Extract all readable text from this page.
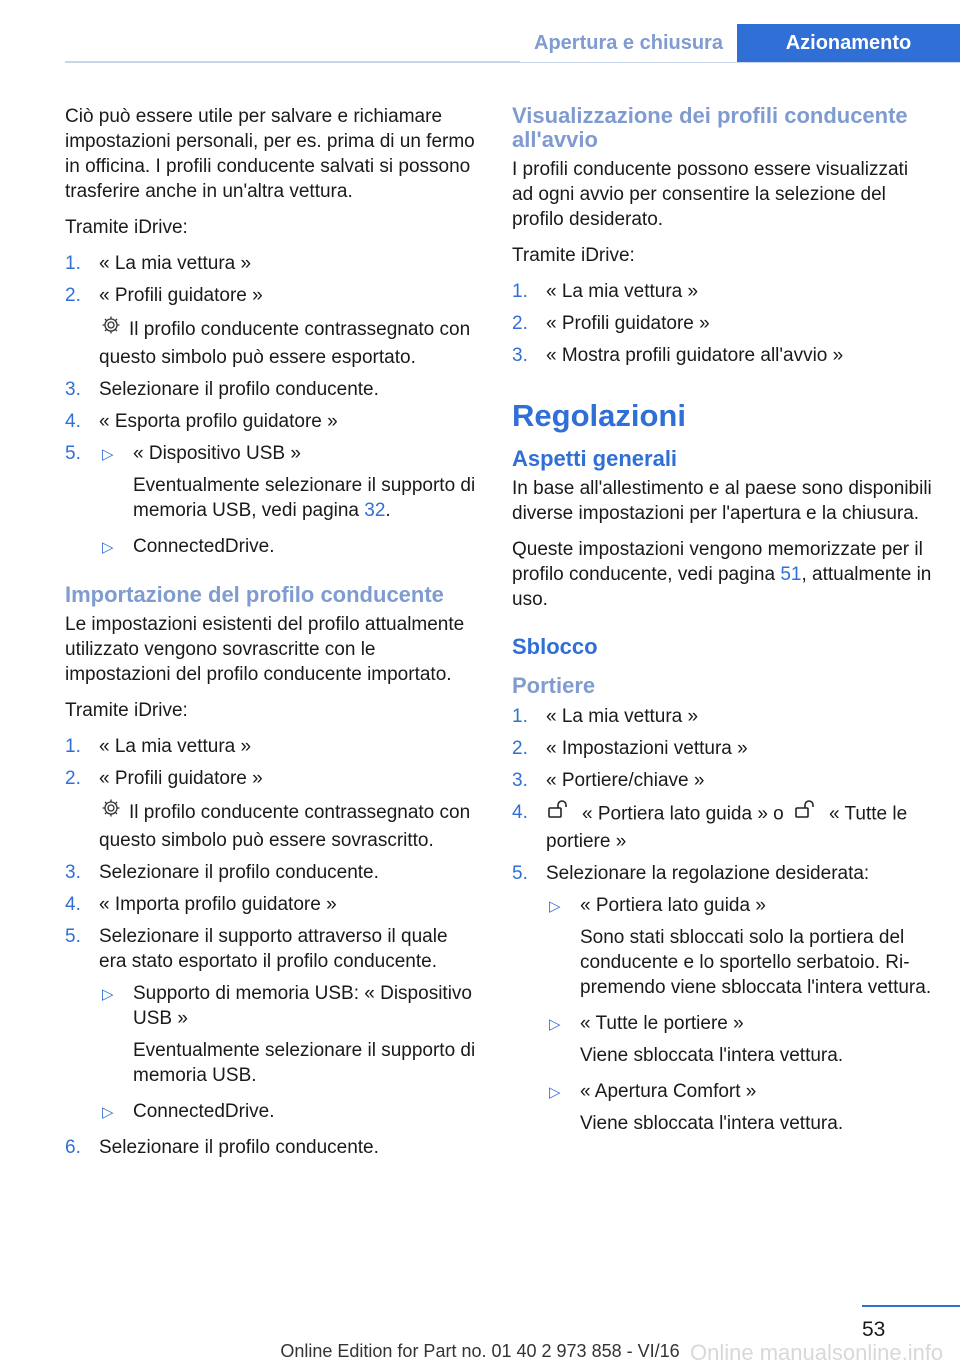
Apertura e chiusura	Azionamento

Ciò può essere utile per salvare e richiamare impostazioni personali, per es. prima di un fermo in officina. I profili conducente salvati si possono trasferire anche in un'altra vettura.

Tramite iDrive:

1. « La mia vettura »
2. « Profili guidatore »
Il profilo conducente contrassegnato con questo simbolo può essere esportato.
3. Selezionare il profilo conducente.
4. « Esporta profilo guidatore »
5. ▷ « Dispositivo USB »
Eventualmente selezionare il supporto di memoria USB, vedi pagina 32.
▷ ConnectedDrive.
Importazione del profilo conducente

Le impostazioni esistenti del profilo attualmente utilizzato vengono sovrascritte con le impostazioni del profilo conducente importato.

Tramite iDrive:

1. « La mia vettura »
2. « Profili guidatore »
Il profilo conducente contrassegnato con questo simbolo può essere sovrascritto.
3. Selezionare il profilo conducente.
4. « Importa profilo guidatore »
5. Selezionare il supporto attraverso il quale era stato esportato il profilo conducente.
▷ Supporto di memoria USB: « Dispositivo USB »
Eventualmente selezionare il supporto di memoria USB.
▷ ConnectedDrive.
6. Selezionare il profilo conducente.
Visualizzazione dei profili conducente all'avvio

I profili conducente possono essere visualizzati ad ogni avvio per consentire la selezione del profilo desiderato.

Tramite iDrive:

1. « La mia vettura »
2. « Profili guidatore »
3. « Mostra profili guidatore all'avvio »
Regolazioni
Aspetti generali

In base all'allestimento e al paese sono disponibili diverse impostazioni per l'apertura e la chiusura.

Queste impostazioni vengono memorizzate per il profilo conducente, vedi pagina 51, attualmente in uso.

Sblocco
Portiere
1. « La mia vettura »
2. « Impostazioni vettura »
3. « Portiere/chiave »
4.	« Portiera lato guida » o « Tutte le portiere »
5. Selezionare la regolazione desiderata:
▷ « Portiera lato guida »
Sono stati sbloccati solo la portiera del conducente e lo sportello serbatoio. Ripremendo viene sbloccata l'intera vettura.
▷ « Tutte le portiere »
Viene sbloccata l'intera vettura.
▷ « Apertura Comfort »
Viene sbloccata l'intera vettura.
53
Online manualsonline.info
Online Edition for Part no. 01 40 2 973 858 - VI/16
